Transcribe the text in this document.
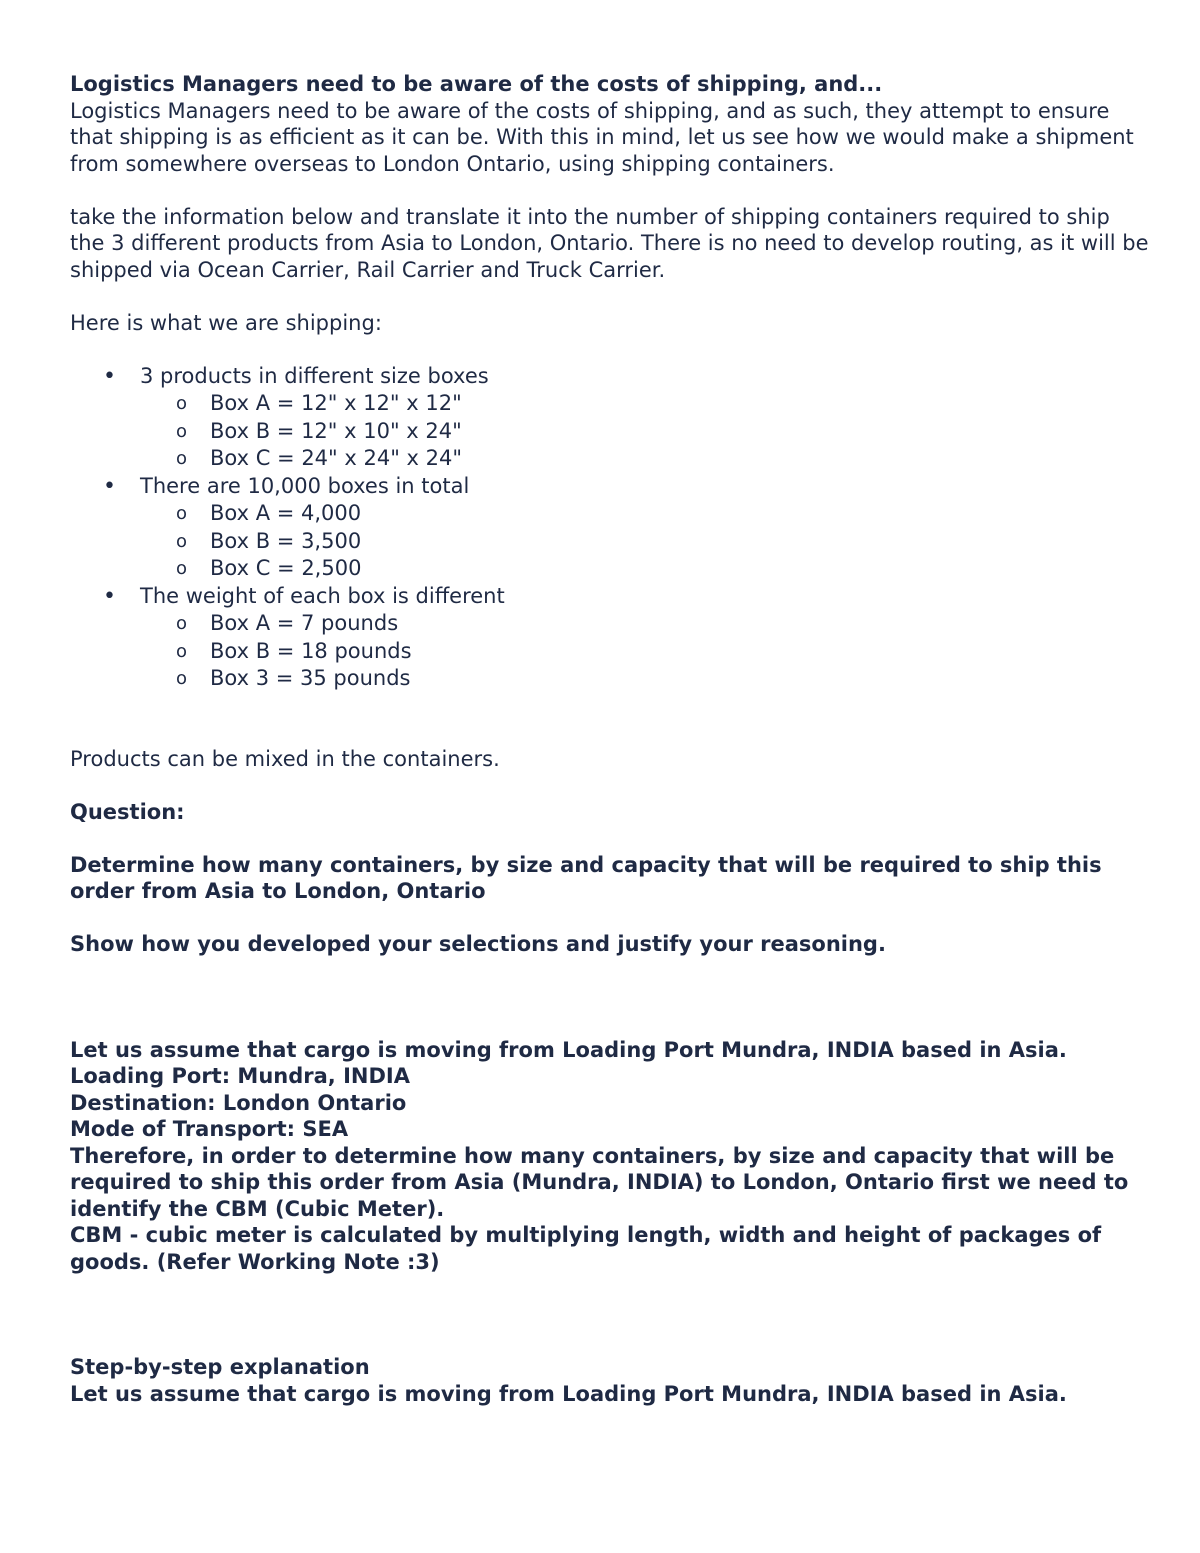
Logistics Managers need to be aware of the costs of shipping, and...

Logistics Managers need to be aware of the costs of shipping, and as such, they attempt to ensure that shipping is as efficient as it can be. With this in mind, let us see how we would make a shipment from somewhere overseas to London Ontario, using shipping containers.

take the information below and translate it into the number of shipping containers required to ship the 3 different products from Asia to London, Ontario. There is no need to develop routing, as it will be shipped via Ocean Carrier, Rail Carrier and Truck Carrier.

Here is what we are shipping:

• 3 products in different size boxes
o Box A = 12" x 12" x 12"
o Box B = 12" x 10" x 24"
o Box C = 24" x 24" x 24"
• There are 10,000 boxes in total
o Box A = 4,000
o Box B = 3,500
o Box C = 2,500
• The weight of each box is different
o Box A = 7 pounds
o Box B = 18 pounds
o Box 3 = 35 pounds

Products can be mixed in the containers.

Question:

Determine how many containers, by size and capacity that will be required to ship this order from Asia to London, Ontario

Show how you developed your selections and justify your reasoning.

Let us assume that cargo is moving from Loading Port Mundra, INDIA based in Asia.

Loading Port: Mundra, INDIA

Destination: London Ontario

Mode of Transport: SEA

Therefore, in order to determine how many containers, by size and capacity that will be required to ship this order from Asia (Mundra, INDIA) to London, Ontario first we need to identify the CBM (Cubic Meter).

CBM - cubic meter is calculated by multiplying length, width and height of packages of goods. (Refer Working Note :3)

Step-by-step explanation

Let us assume that cargo is moving from Loading Port Mundra, INDIA based in Asia.
